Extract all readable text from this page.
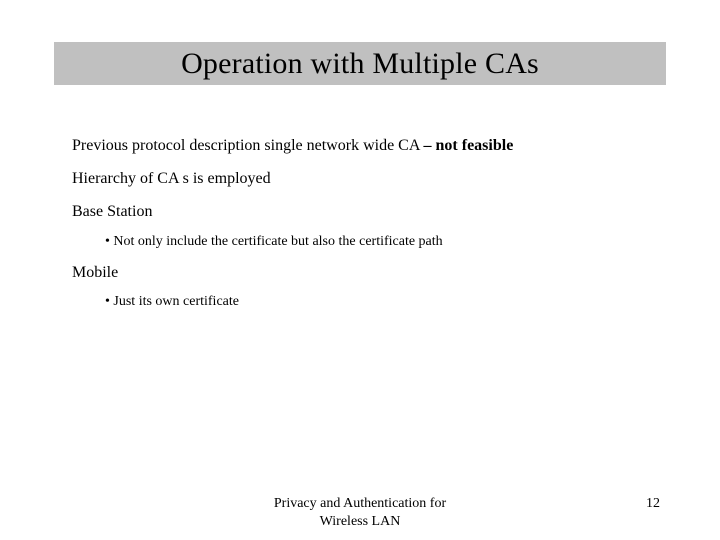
Operation with Multiple CAs
Previous protocol description single network wide CA – not feasible
Hierarchy of CA s is employed
Base Station
• Not only include the certificate but also the certificate path
Mobile
• Just its own certificate
Privacy and Authentication for
Wireless LAN
12
